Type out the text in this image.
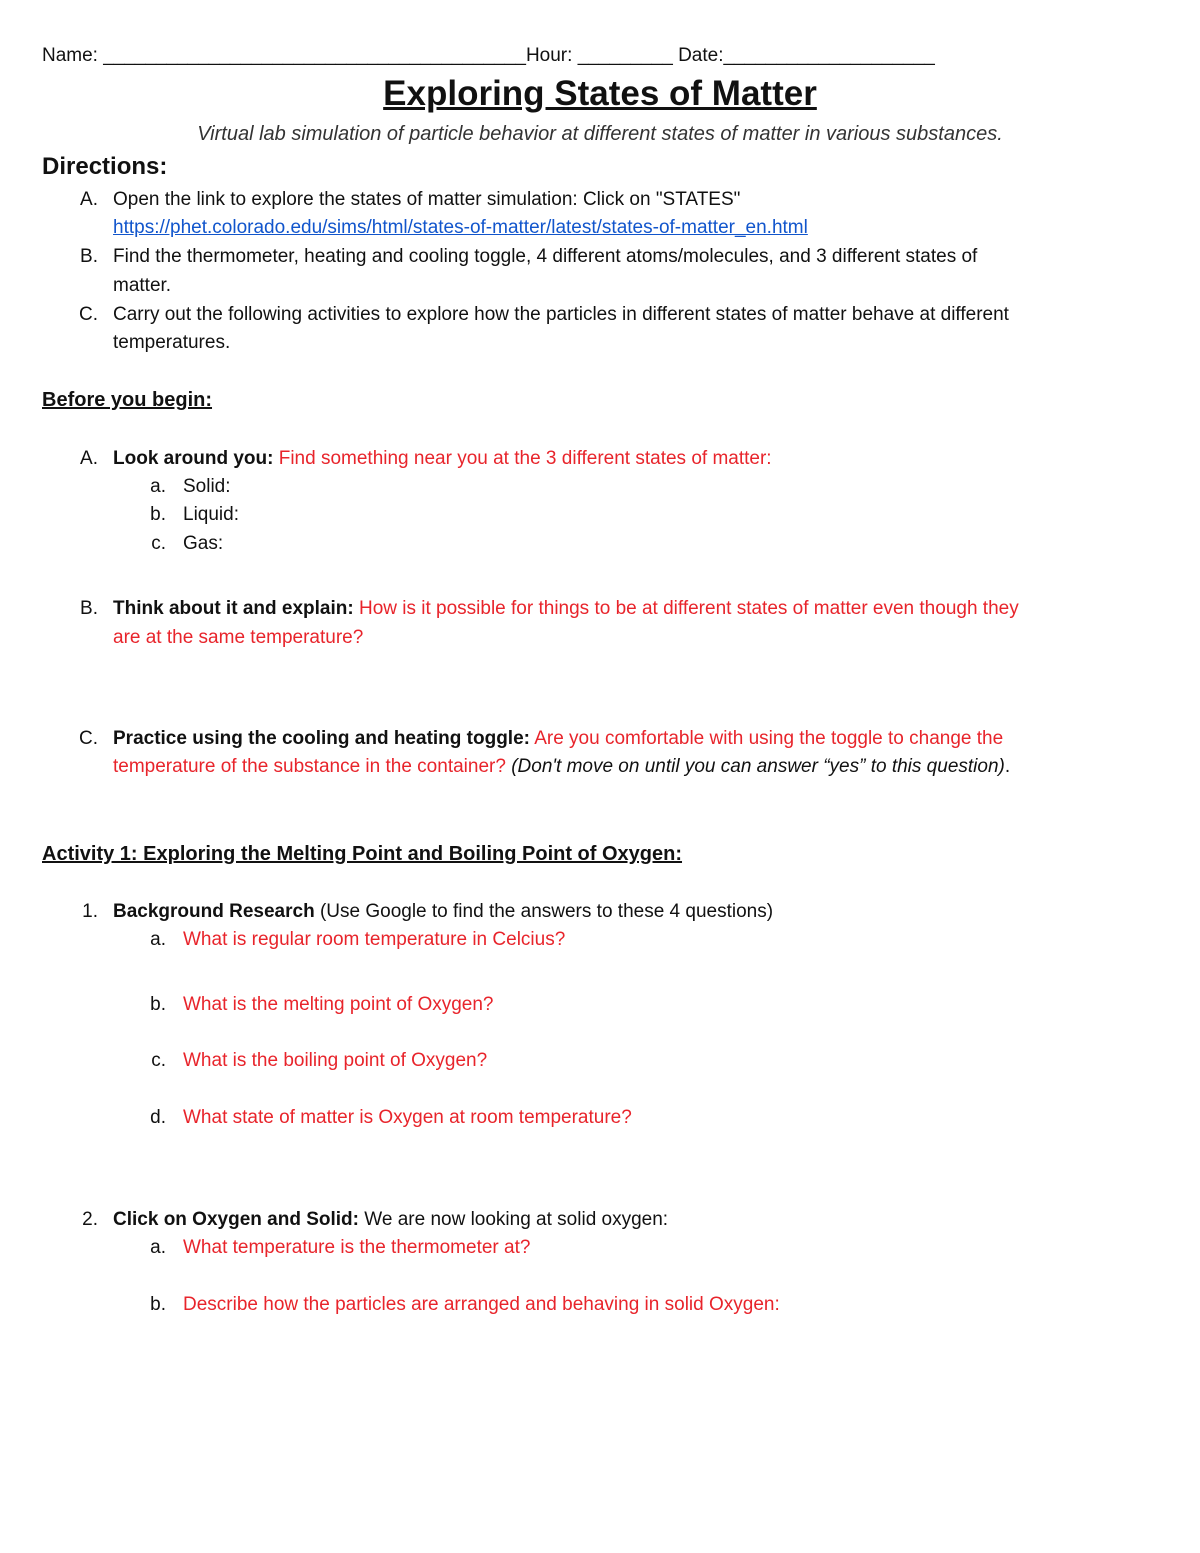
Name: ________________________________________Hour: _________ Date:____________________
Exploring States of Matter
Virtual lab simulation of particle behavior at different states of matter in various substances.
Directions:
A. Open the link to explore the states of matter simulation: Click on "STATES"
https://phet.colorado.edu/sims/html/states-of-matter/latest/states-of-matter_en.html
B. Find the thermometer, heating and cooling toggle, 4 different atoms/molecules, and 3 different states of
matter.
C. Carry out the following activities to explore how the particles in different states of matter behave at different
temperatures.
Before you begin:
A. Look around you: Find something near you at the 3 different states of matter:
a. Solid:
b. Liquid:
c. Gas:
B. Think about it and explain: How is it possible for things to be at different states of matter even though they
are at the same temperature?
C. Practice using the cooling and heating toggle: Are you comfortable with using the toggle to change the
temperature of the substance in the container? (Don't move on until you can answer “yes” to this question).
Activity 1: Exploring the Melting Point and Boiling Point of Oxygen:
1. Background Research (Use Google to find the answers to these 4 questions)
a. What is regular room temperature in Celcius?
b. What is the melting point of Oxygen?
c. What is the boiling point of Oxygen?
d. What state of matter is Oxygen at room temperature?
2. Click on Oxygen and Solid: We are now looking at solid oxygen:
a. What temperature is the thermometer at?
b. Describe how the particles are arranged and behaving in solid Oxygen:
